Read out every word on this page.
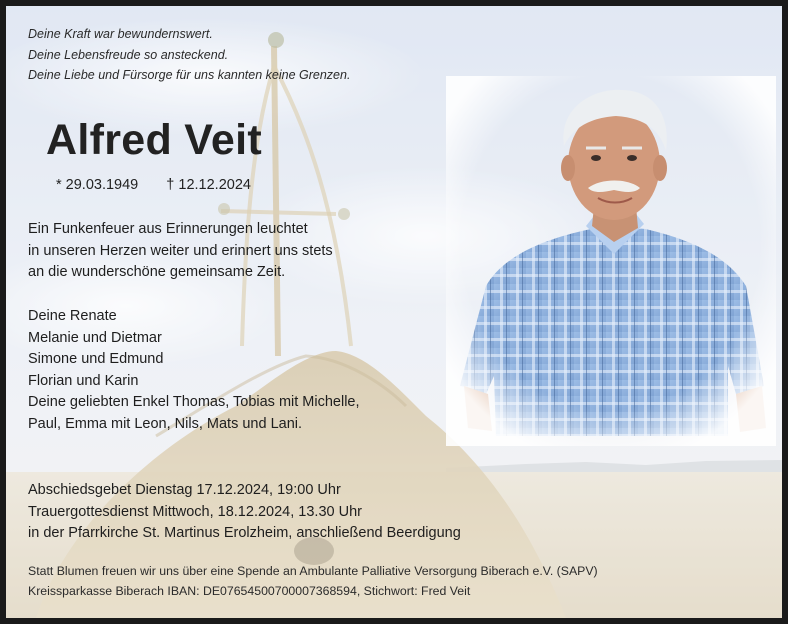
Deine Kraft war bewundernswert.
Deine Lebensfreude so ansteckend.
Deine Liebe und Fürsorge für uns kannten keine Grenzen.
Alfred Veit
* 29.03.1949 † 12.12.2024
Ein Funkenfeuer aus Erinnerungen leuchtet
in unseren Herzen weiter und erinnert uns stets
an die wunderschöne gemeinsame Zeit.
Deine Renate
Melanie und Dietmar
Simone und Edmund
Florian und Karin
Deine geliebten Enkel Thomas, Tobias mit Michelle,
Paul, Emma mit Leon, Nils, Mats und Lani.
Abschiedsgebet Dienstag 17.12.2024, 19:00 Uhr
Trauergottesdienst Mittwoch, 18.12.2024, 13.30 Uhr
in der Pfarrkirche St. Martinus Erolzheim, anschließend Beerdigung
Statt Blumen freuen wir uns über eine Spende an Ambulante Palliative Versorgung Biberach e.V. (SAPV)
Kreissparkasse Biberach IBAN: DE07654500700007368594, Stichwort: Fred Veit
